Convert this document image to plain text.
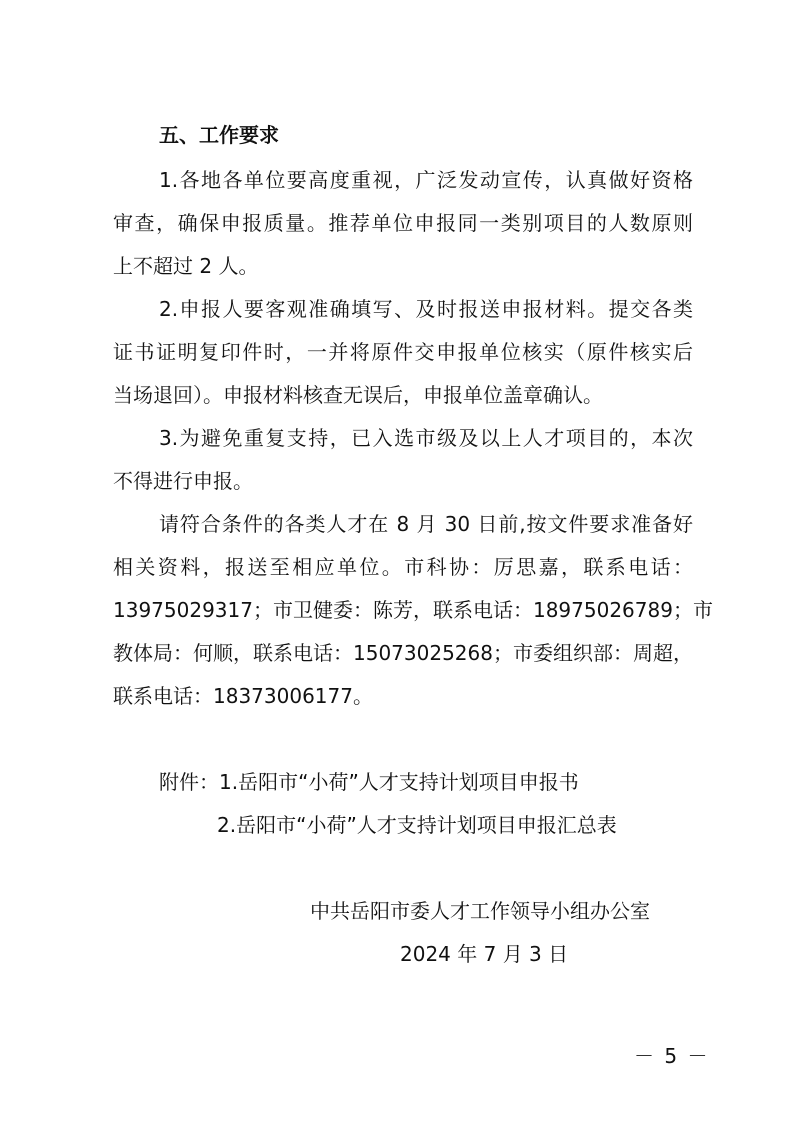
五、工作要求

1.各地各单位要高度重视，广泛发动宣传，认真做好资格

审查，确保申报质量。推荐单位申报同一类别项目的人数原则

上不超过 2 人。

2.申报人要客观准确填写、及时报送申报材料。提交各类

证书证明复印件时，一并将原件交申报单位核实（原件核实后

当场退回）。申报材料核查无误后，申报单位盖章确认。

3.为避免重复支持，已入选市级及以上人才项目的，本次

不得进行申报。

请符合条件的各类人才在 8 月 30 日前,按文件要求准备好

相关资料，报送至相应单位。市科协：厉思嘉，联系电话：

13975029317；市卫健委：陈芳，联系电话：18975026789；市

教体局：何顺，联系电话：15073025268；市委组织部：周超，

联系电话：18373006177。

附件：1.岳阳市“小荷”人才支持计划项目申报书

2.岳阳市“小荷”人才支持计划项目申报汇总表

中共岳阳市委人才工作领导小组办公室

2024 年 7 月 3 日

－ 5 －
